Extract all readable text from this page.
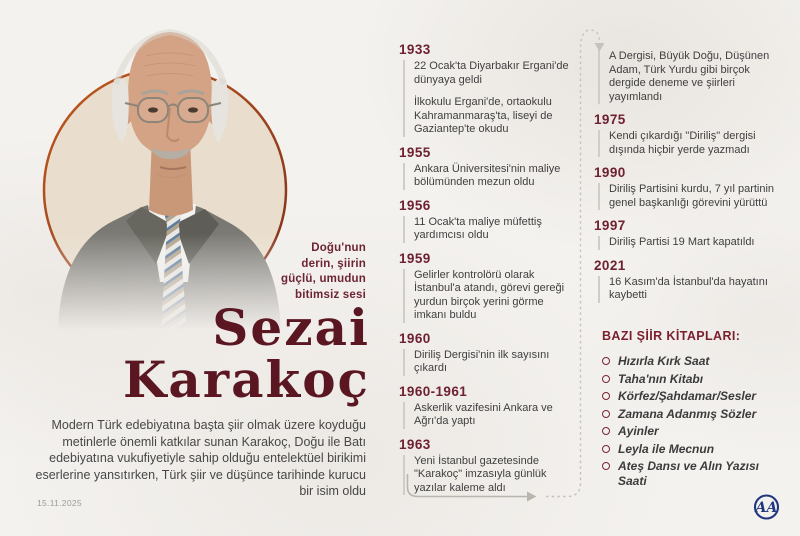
Doğu'nun
derin, şiirin
güçlü, umudun
bitimsiz sesi
Sezai
Karakoç
Modern Türk edebiyatına başta şiir olmak üzere koyduğu metinlerle önemli katkılar sunan Karakoç, Doğu ile Batı edebiyatına vukufiyetiyle sahip olduğu entelektüel birikimi eserlerine yansıtırken, Türk şiir ve düşünce tarihinde kurucu bir isim oldu
15.11.2025
1933

22 Ocak'ta Diyarbakır Ergani'de dünyaya geldi

İlkokulu Ergani'de, ortaokulu Kahramanmaraş'ta, liseyi de Gaziantep'te okudu

1955

Ankara Üniversitesi'nin maliye bölümünden mezun oldu

1956

11 Ocak'ta maliye müfettiş yardımcısı oldu

1959

Gelirler kontrolörü olarak İstanbul'a atandı, görevi gereği yurdun birçok yerini görme imkanı buldu

1960

Diriliş Dergisi'nin ilk sayısını çıkardı

1960-1961

Askerlik vazifesini Ankara ve Ağrı'da yaptı

1963

Yeni İstanbul gazetesinde "Karakoç" imzasıyla günlük yazılar kaleme aldı

A Dergisi, Büyük Doğu, Düşünen Adam, Türk Yurdu gibi birçok dergide deneme ve şiirleri yayımlandı

1975

Kendi çıkardığı "Diriliş" dergisi dışında hiçbir yerde yazmadı

1990

Diriliş Partisini kurdu, 7 yıl partinin genel başkanlığı görevini yürüttü

1997

Diriliş Partisi 19 Mart kapatıldı

2021

16 Kasım'da İstanbul'da hayatını kaybetti

BAZI ŞİİR KİTAPLARI:
Hızırla Kırk Saat
Taha'nın Kitabı
Körfez/Şahdamar/Sesler
Zamana Adanmış Sözler
Ayinler
Leyla ile Mecnun
Ateş Dansı ve Alın Yazısı Saati
AA
